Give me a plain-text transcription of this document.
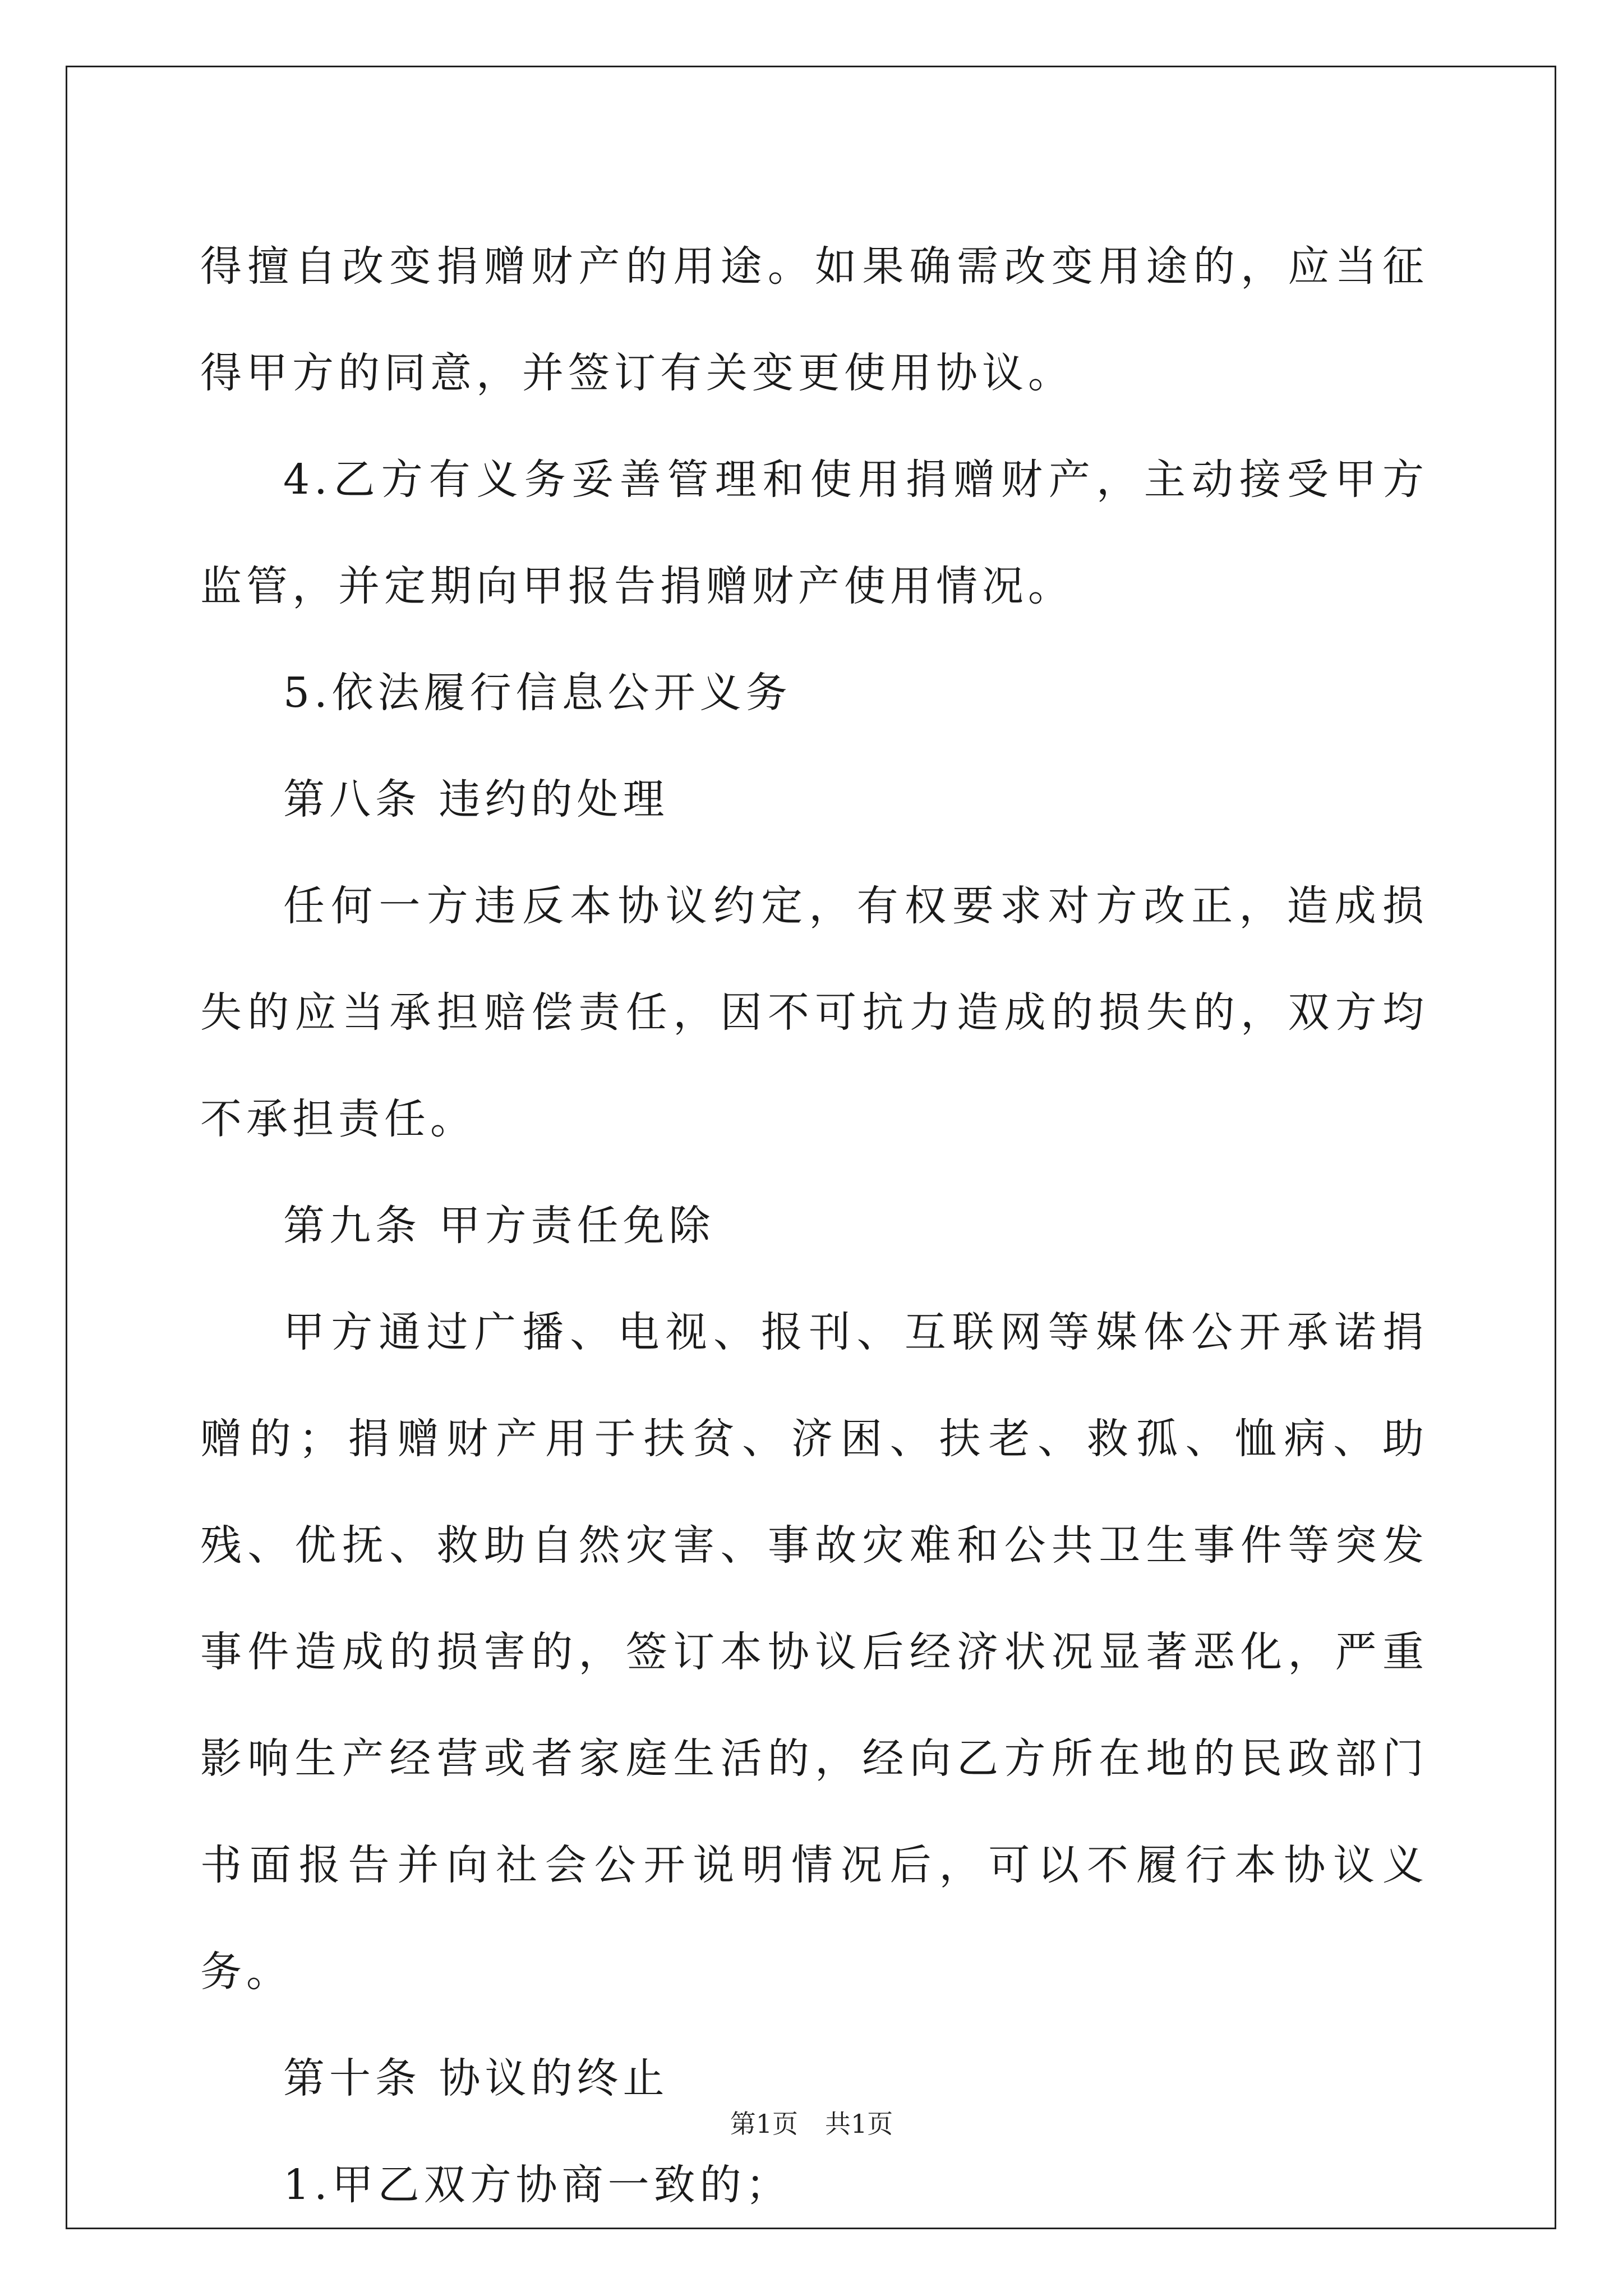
得擅自改变捐赠财产的用途。如果确需改变用途的，应当征得甲方的同意，并签订有关变更使用协议。

4.乙方有义务妥善管理和使用捐赠财产，主动接受甲方监管，并定期向甲报告捐赠财产使用情况。

5.依法履行信息公开义务

第八条 违约的处理

任何一方违反本协议约定，有权要求对方改正，造成损失的应当承担赔偿责任，因不可抗力造成的损失的，双方均不承担责任。

第九条 甲方责任免除

甲方通过广播、电视、报刊、互联网等媒体公开承诺捐赠的；捐赠财产用于扶贫、济困、扶老、救孤、恤病、助残、优抚、救助自然灾害、事故灾难和公共卫生事件等突发事件造成的损害的，签订本协议后经济状况显著恶化，严重影响生产经营或者家庭生活的，经向乙方所在地的民政部门书面报告并向社会公开说明情况后，可以不履行本协议义务。

第十条 协议的终止

1.甲乙双方协商一致的；

第1页 共1页
